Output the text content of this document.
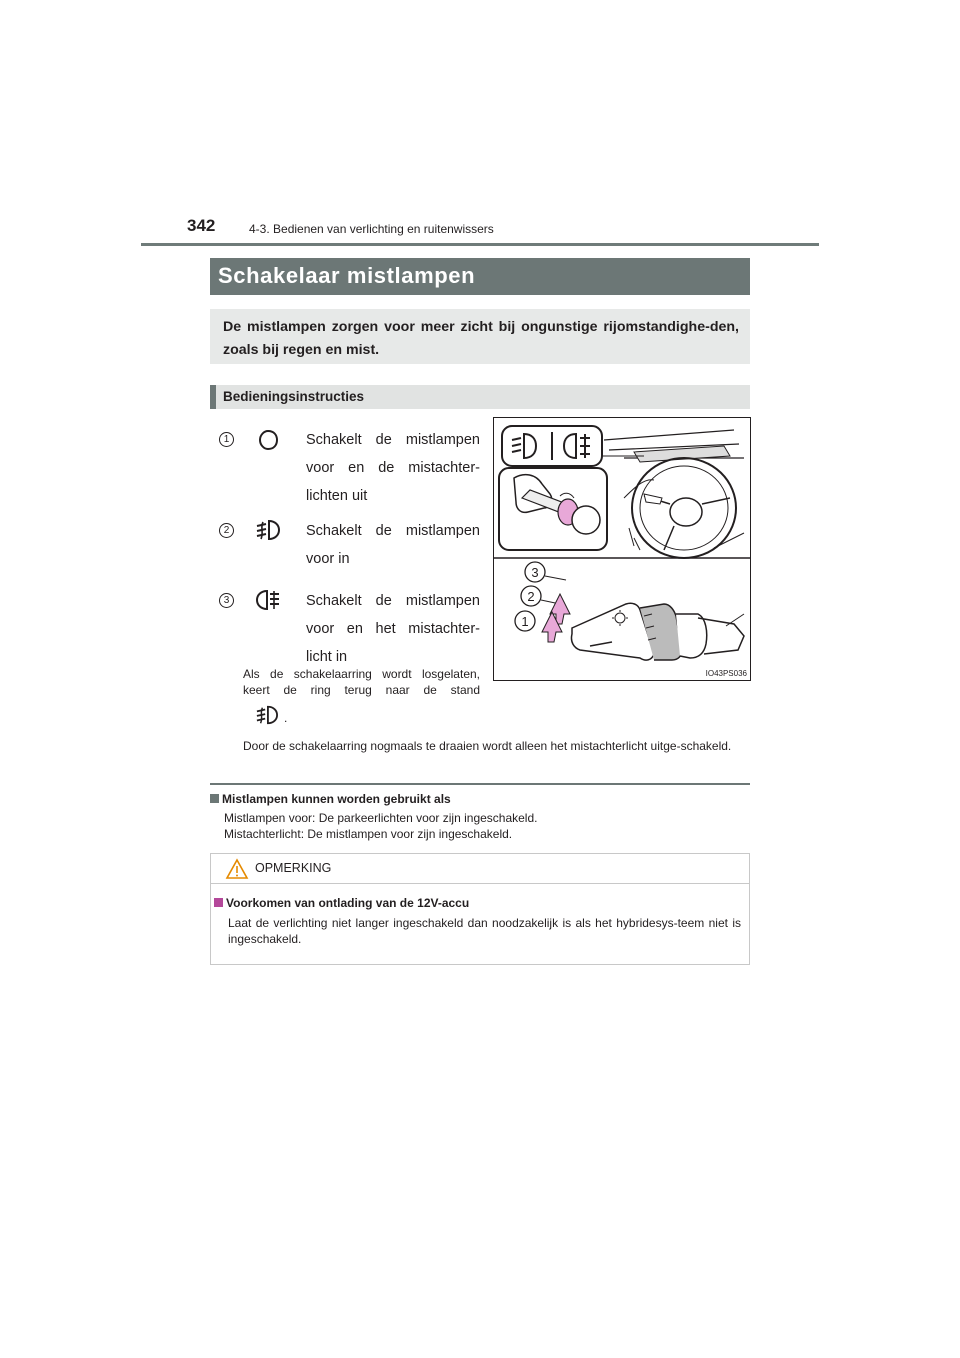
342	4-3. Bedienen van verlichting en ruitenwissers
Schakelaar mistlampen

De mistlampen zorgen voor meer zicht bij ongunstige rijomstandighe-den, zoals bij regen en mist.

Bedieningsinstructies
1	Schakelt de mistlampen
voor en de mistachter-
lichten uit
2	Schakelt de mistlampen
voor in
3	Schakelt de mistlampen
voor en het mistachter-
licht in
Als de schakelaarring wordt losgelaten,
keert de ring terug naar de stand
.
Door de schakelaarring nogmaals te draaien wordt alleen het mistachterlicht uitge-schakeld.
3
2
1
IO43PS036
Mistlampen kunnen worden gebruikt als
Mistlampen voor: De parkeerlichten voor zijn ingeschakeld.
Mistachterlicht: De mistlampen voor zijn ingeschakeld.
OPMERKING
Voorkomen van ontlading van de 12V-accu
Laat de verlichting niet langer ingeschakeld dan noodzakelijk is als het hybridesys-teem niet is ingeschakeld.
